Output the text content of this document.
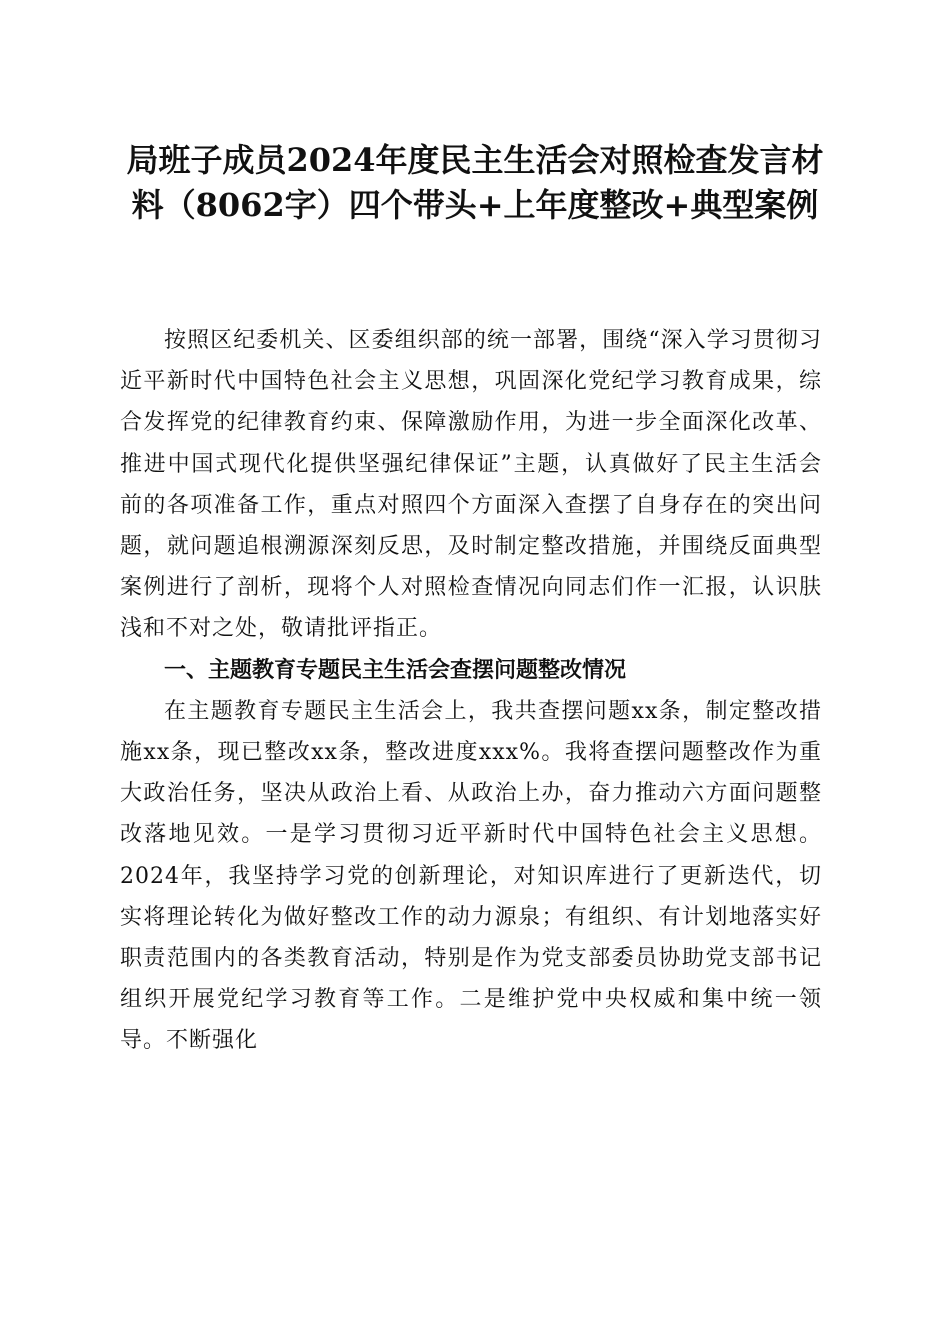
局班子成员2024年度民主生活会对照检查发言材料（8062字）四个带头+上年度整改+典型案例

按照区纪委机关、区委组织部的统一部署，围绕“深入学习贯彻习近平新时代中国特色社会主义思想，巩固深化党纪学习教育成果，综合发挥党的纪律教育约束、保障激励作用，为进一步全面深化改革、推进中国式现代化提供坚强纪律保证”主题，认真做好了民主生活会前的各项准备工作，重点对照四个方面深入查摆了自身存在的突出问题，就问题追根溯源深刻反思，及时制定整改措施，并围绕反面典型案例进行了剖析，现将个人对照检查情况向同志们作一汇报，认识肤浅和不对之处，敬请批评指正。

一、主题教育专题民主生活会查摆问题整改情况

在主题教育专题民主生活会上，我共查摆问题xx条，制定整改措施xx条，现已整改xx条，整改进度xxx%。我将查摆问题整改作为重大政治任务，坚决从政治上看、从政治上办，奋力推动六方面问题整改落地见效。一是学习贯彻习近平新时代中国特色社会主义思想。2024年，我坚持学习党的创新理论，对知识库进行了更新迭代，切实将理论转化为做好整改工作的动力源泉；有组织、有计划地落实好职责范围内的各类教育活动，特别是作为党支部委员协助党支部书记组织开展党纪学习教育等工作。二是维护党中央权威和集中统一领导。不断强化
